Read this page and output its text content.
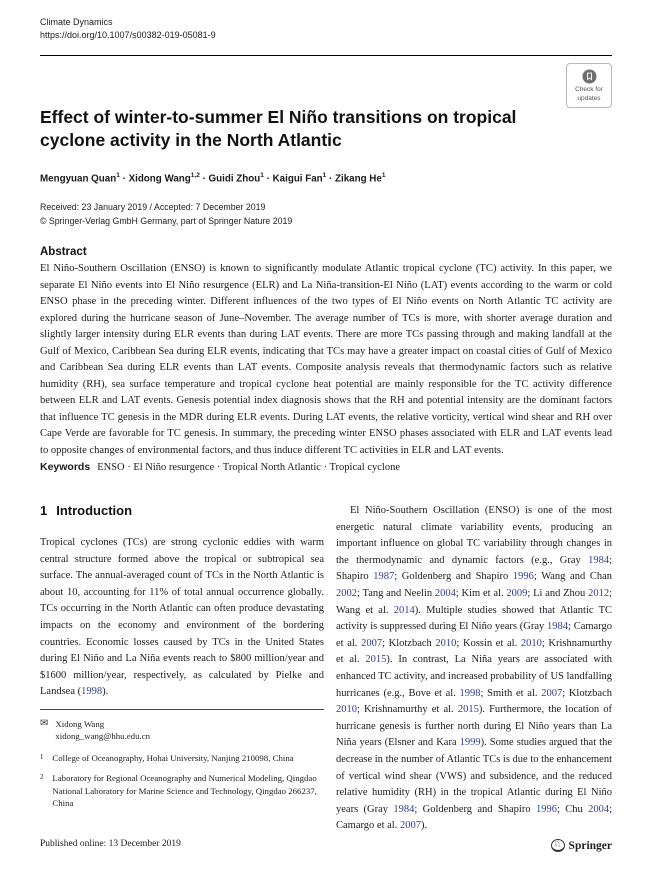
Climate Dynamics
https://doi.org/10.1007/s00382-019-05081-9
Check for
updates
Effect of winter-to-summer El Niño transitions on tropical cyclone activity in the North Atlantic
Mengyuan Quan$^1$ · Xidong Wang$^{1,2}$ · Guidi Zhou$^1$ · Kaigui Fan$^1$ · Zikang He$^1$
Received: 23 January 2019 / Accepted: 7 December 2019
© Springer-Verlag GmbH Germany, part of Springer Nature 2019
Abstract

El Niño-Southern Oscillation (ENSO) is known to significantly modulate Atlantic tropical cyclone (TC) activity. In this paper, we separate El Niño events into El Niño resurgence (ELR) and La Niña-transition-El Niño (LAT) events according to the warm or cold ENSO phase in the preceding winter. Different influences of the two types of El Niño events on North Atlantic TC activity are explored during the hurricane season of June–November. The average number of TCs is more, with shorter average duration and slightly larger intensity during ELR events than during LAT events. There are more TCs passing through and making landfall at the Gulf of Mexico, Caribbean Sea during ELR events, indicating that TCs may have a greater impact on coastal cities of Gulf of Mexico and Caribbean Sea during ELR events than LAT events. Composite analysis reveals that thermodynamic factors such as relative humidity (RH), sea surface temperature and tropical cyclone heat potential are mainly responsible for the TC activity difference between ELR and LAT events. Genesis potential index diagnosis shows that the RH and potential intensity are the dominant factors that influence TC genesis in the MDR during ELR events. During LAT events, the relative vorticity, vertical wind shear and RH over Cape Verde are favorable for TC genesis. In summary, the preceding winter ENSO phases associated with ELR and LAT events lead to opposite changes of environmental factors, and thus induce different TC activities in ELR and LAT events.

Keywords ENSO · El Niño resurgence · Tropical North Atlantic · Tropical cyclone
1 Introduction

Tropical cyclones (TCs) are strong cyclonic eddies with warm central structure formed above the tropical or subtropical sea surface. The annual-averaged count of TCs in the North Atlantic is about 10, accounting for 11% of total annual occurrence globally. TCs occurring in the North Atlantic can often produce devastating impacts on the economy and environment of the bordering countries. Economic losses caused by TCs in the United States during El Niño and La Niña events reach to $800 million/year and $1600 million/year, respectively, as calculated by Pielke and Landsea (1998).

✉ Xidong Wang
xidong_wang@hhu.edu.cn
1 College of Oceanography, Hohai University, Nanjing 210098, China
2 Laboratory for Regional Oceanography and Numerical Modeling, Qingdao National Laboratory for Marine Science and Technology, Qingdao 266237, China

El Niño-Southern Oscillation (ENSO) is one of the most energetic natural climate variability events, producing an important influence on global TC variability through changes in the thermodynamic and dynamic factors (e.g., Gray 1984; Shapiro 1987; Goldenberg and Shapiro 1996; Wang and Chan 2002; Tang and Neelin 2004; Kim et al. 2009; Li and Zhou 2012; Wang et al. 2014). Multiple studies showed that Atlantic TC activity is suppressed during El Niño years (Gray 1984; Camargo et al. 2007; Klotzbach 2010; Kossin et al. 2010; Krishnamurthy et al. 2015). In contrast, La Niña years are associated with enhanced TC activity, and increased probability of US landfalling hurricanes (e.g., Bove et al. 1998; Smith et al. 2007; Klotzbach 2010; Krishnamurthy et al. 2015). Furthermore, the location of hurricane genesis is further north during El Niño years than La Niña years (Elsner and Kara 1999). Some studies argued that the decrease in the number of Atlantic TCs is due to the enhancement of vertical wind shear (VWS) and subsidence, and the reduced relative humidity (RH) in the tropical Atlantic during El Niño years (Gray 1984; Goldenberg and Shapiro 1996; Chu 2004; Camargo et al. 2007).

Published online: 13 December 2019	♘ Springer
